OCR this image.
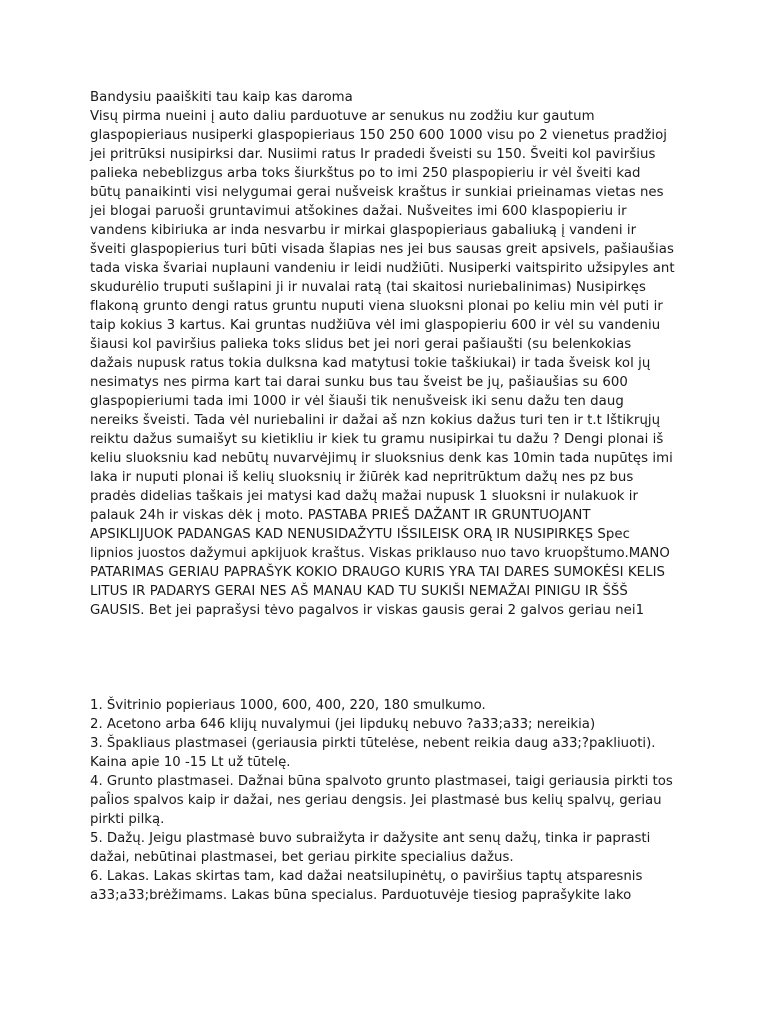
Bandysiu paaiškiti tau kaip kas daroma

Visų pirma nueini į auto daliu parduotuve ar senukus nu zodžiu kur gautum glaspopieriaus nusiperki glaspopieriaus 150 250 600 1000 visu po 2 vienetus pradžioj jei pritrūksi nusipirksi dar. Nusiimi ratus Ir pradedi šveisti su 150. Šveiti kol paviršius palieka nebeblizgus arba toks šiurkštus po to imi 250 plaspopieriu ir vėl šveiti kad būtų panaikinti visi nelygumai gerai nušveisk kraštus ir sunkiai prieinamas vietas nes jei blogai paruoši gruntavimui atšokines dažai. Nušveites imi 600 klaspopieriu ir vandens kibiriuka ar inda nesvarbu ir mirkai glaspopieriaus gabaliuką į vandeni ir šveiti glaspopierius turi būti visada šlapias nes jei bus sausas greit apsivels, pašiaušias tada viska švariai nuplauni vandeniu ir leidi nudžiūti. Nusiperki vaitspirito užsipyles ant skudurėlio truputi sušlapini ji ir nuvalai ratą (tai skaitosi nuriebalinimas) Nusipirkęs flakoną grunto dengi ratus gruntu nuputi viena sluoksni plonai po keliu min vėl puti ir taip kokius 3 kartus. Kai gruntas nudžiūva vėl imi glaspopieriu 600 ir vėl su vandeniu šiausi kol paviršius palieka toks slidus bet jei nori gerai pašiaušti (su belenkokias dažais nupusk ratus tokia dulksna kad matytusi tokie taškiukai) ir tada šveisk kol jų nesimatys nes pirma kart tai darai sunku bus tau šveist be jų, pašiaušias su 600 glaspopieriumi tada imi 1000 ir vėl šiauši tik nenušveisk iki senu dažu ten daug nereiks šveisti. Tada vėl nuriebalini ir dažai aš nzn kokius dažus turi ten ir t.t Ištikrųjų reiktu dažus sumaišyt su kietikliu ir kiek tu gramu nusipirkai tu dažu ? Dengi plonai iš keliu sluoksniu kad nebūtų nuvarvėjimų ir sluoksnius denk kas 10min tada nupūtęs imi laka ir nuputi plonai iš kelių sluoksnių ir žiūrėk kad nepritrūktum dažų nes pz bus pradės didelias taškais jei matysi kad dažų mažai nupusk 1 sluoksni ir nulakuok ir palauk 24h ir viskas dėk į moto. PASTABA PRIEŠ DAŽANT IR GRUNTUOJANT APSIKLIJUOK PADANGAS KAD NENUSIDAŽYTU IŠSILEISK ORĄ IR NUSIPIRKĘS Spec lipnios juostos dažymui apkijuok kraštus. Viskas priklauso nuo tavo kruopštumo.MANO PATARIMAS GERIAU PAPRAŠYK KOKIO DRAUGO KURIS YRA TAI DARES SUMOKĖSI KELIS LITUS IR PADARYS GERAI NES AŠ MANAU KAD TU SUKIŠI NEMAŽAI PINIGU IR ŠŠŠ GAUSIS. Bet jei paprašysi tėvo pagalvos ir viskas gausis gerai 2 galvos geriau nei1

1. Švitrinio popieriaus 1000, 600, 400, 220, 180 smulkumo.
2. Acetono arba 646 klijų nuvalymui (jei lipdukų nebuvo ?a33;a33; nereikia)
3. Špakliaus plastmasei (geriausia pirkti tūtelėse, nebent reikia daug a33;?pakliuoti). Kaina apie 10 -15 Lt už tūtelę.
4. Grunto plastmasei. Dažnai būna spalvoto grunto plastmasei, taigi geriausia pirkti tos paÎios spalvos kaip ir dažai, nes geriau dengsis. Jei plastmasė bus kelių spalvų, geriau pirkti pilką.
5. Dažų. Jeigu plastmasė buvo subraižyta ir dažysite ant senų dažų, tinka ir paprasti dažai, nebūtinai plastmasei, bet geriau pirkite specialius dažus.
6. Lakas. Lakas skirtas tam, kad dažai neatsilupinėtų, o paviršius taptų atsparesnis a33;a33;brėžimams. Lakas būna specialus. Parduotuvėje tiesiog paprašykite lako
